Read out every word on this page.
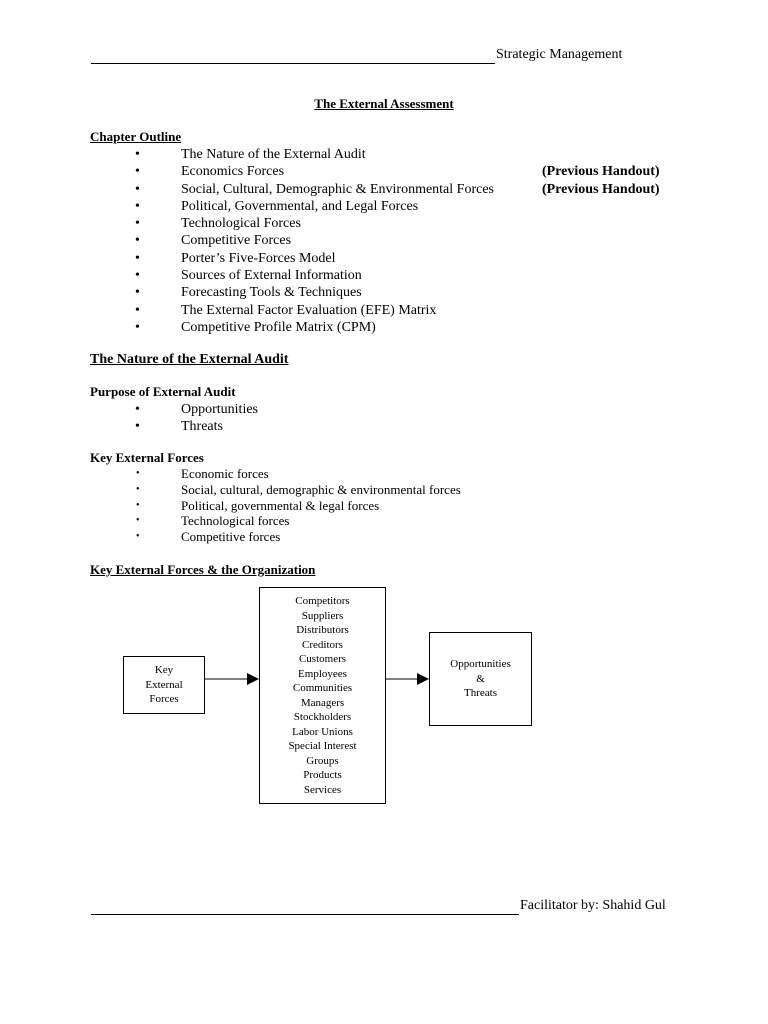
Strategic Management
The External Assessment
Chapter Outline
•	The Nature of the External Audit
•	Economics Forces	(Previous Handout)
•	Social, Cultural, Demographic & Environmental Forces	(Previous Handout)
•	Political, Governmental, and Legal Forces
•	Technological Forces
•	Competitive Forces
•	Porter’s Five-Forces Model
•	Sources of External Information
•	Forecasting Tools & Techniques
•	The External Factor Evaluation (EFE) Matrix
•	Competitive Profile Matrix (CPM)
The Nature of the External Audit
Purpose of External Audit
•	Opportunities
•	Threats
Key External Forces
•	Economic forces
•	Social, cultural, demographic & environmental forces
•	Political, governmental & legal forces
•	Technological forces
•	Competitive forces
Key External Forces & the Organization
Key
External
Forces
Competitors
Suppliers
Distributors
Creditors
Customers
Employees
Communities
Managers
Stockholders
Labor Unions
Special Interest
Groups
Products
Services
Opportunities
&
Threats
Facilitator by: Shahid Gul
